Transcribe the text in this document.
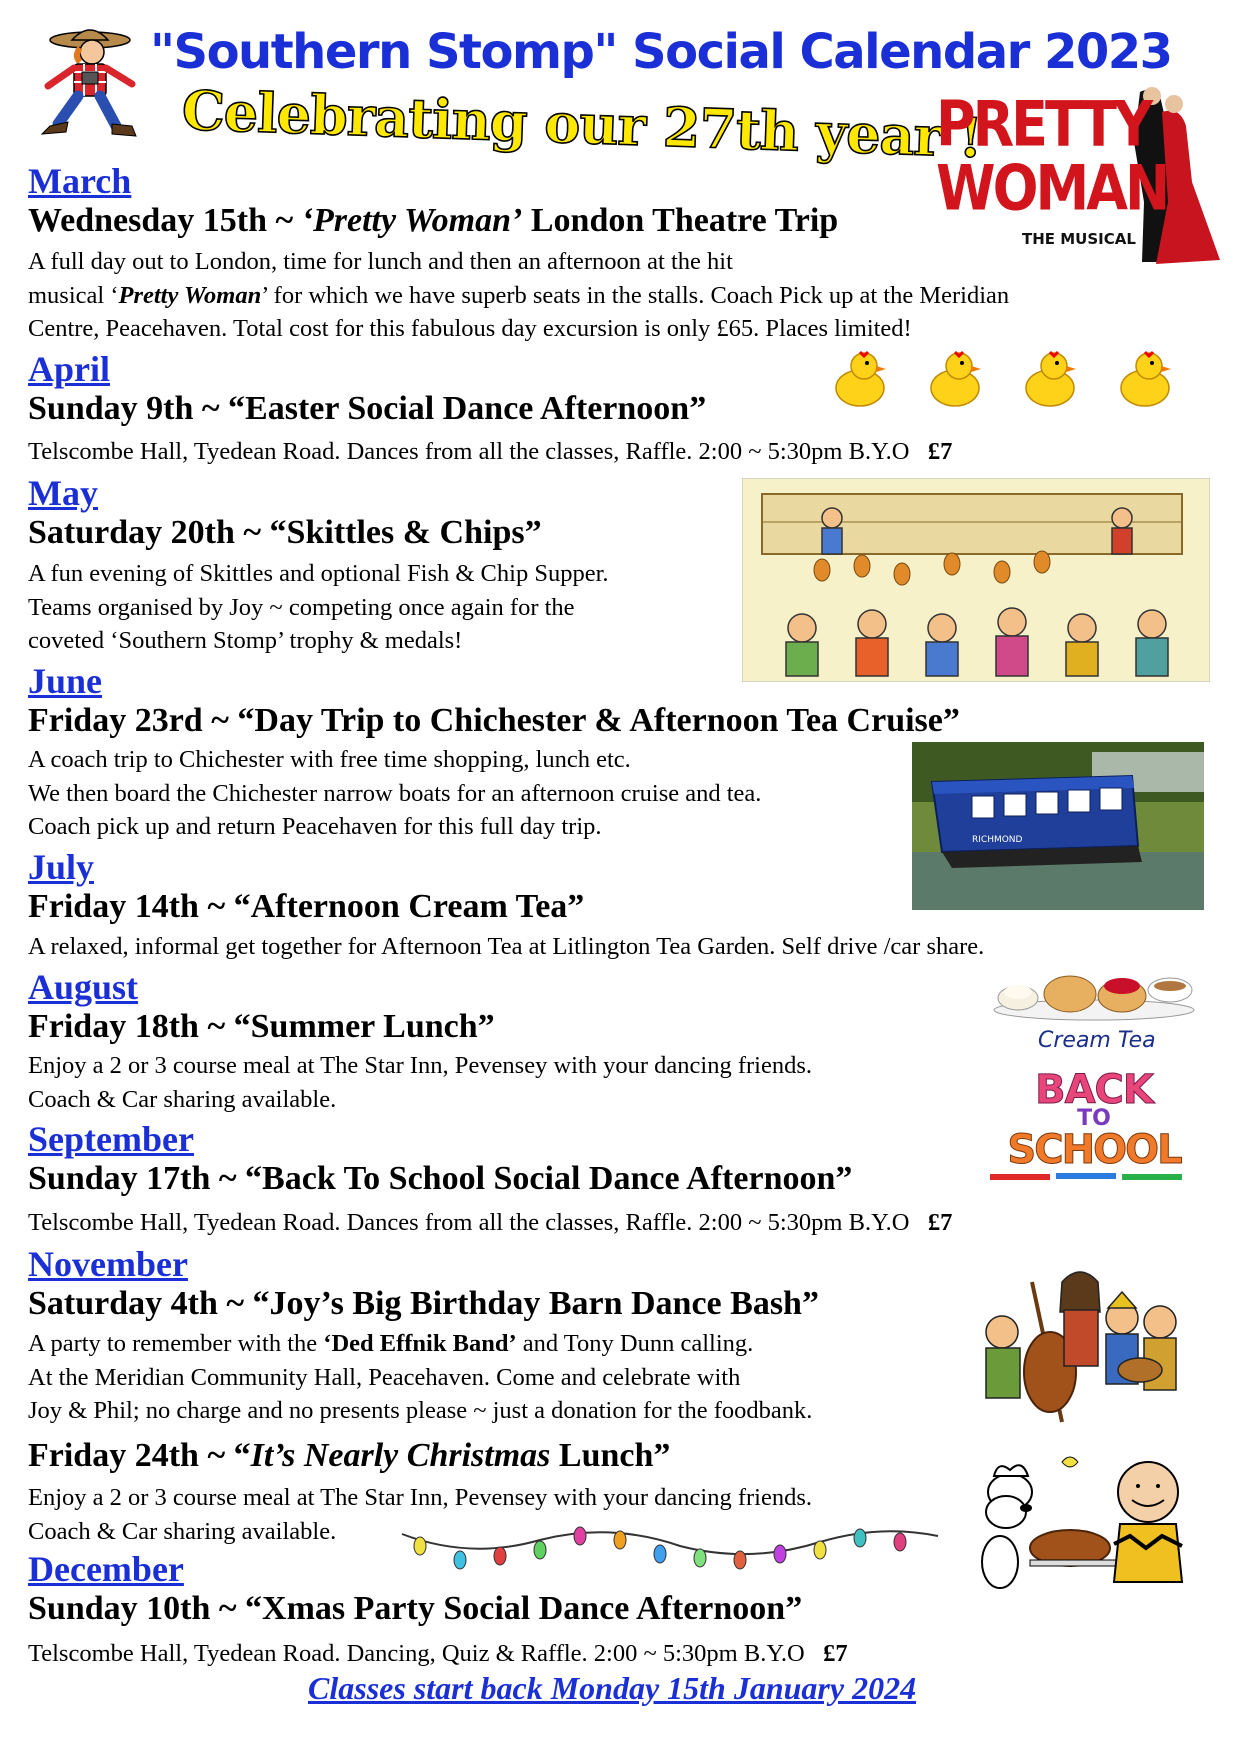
"Southern Stomp" Social Calendar 2023
Celebrating our 27th year !
PRETTY
WOMAN
THE MUSICAL
March
Wednesday 15th ~ ‘Pretty Woman’ London Theatre Trip
A full day out to London, time for lunch and then an afternoon at the hit
musical ‘Pretty Woman’ for which we have superb seats in the stalls. Coach Pick up at the Meridian
Centre, Peacehaven. Total cost for this fabulous day excursion is only £65. Places limited!
April
Sunday 9th ~ “Easter Social Dance Afternoon”
Telscombe Hall, Tyedean Road. Dances from all the classes, Raffle. 2:00 ~ 5:30pm B.Y.O £7
May
Saturday 20th ~ “Skittles & Chips”
A fun evening of Skittles and optional Fish & Chip Supper.
Teams organised by Joy ~ competing once again for the
coveted ‘Southern Stomp’ trophy & medals!
June
Friday 23rd ~ “Day Trip to Chichester & Afternoon Tea Cruise”
A coach trip to Chichester with free time shopping, lunch etc.
We then board the Chichester narrow boats for an afternoon cruise and tea.
Coach pick up and return Peacehaven for this full day trip.	RICHMOND
July
Friday 14th ~ “Afternoon Cream Tea”
A relaxed, informal get together for Afternoon Tea at Litlington Tea Garden. Self drive /car share.
Cream Tea
August
Friday 18th ~ “Summer Lunch”
Enjoy a 2 or 3 course meal at The Star Inn, Pevensey with your dancing friends.
Coach & Car sharing available.	BACK
TO
SCHOOL
September
Sunday 17th ~ “Back To School Social Dance Afternoon”
Telscombe Hall, Tyedean Road. Dances from all the classes, Raffle. 2:00 ~ 5:30pm B.Y.O £7
November
Saturday 4th ~ “Joy’s Big Birthday Barn Dance Bash”
A party to remember with the ‘Ded Effnik Band’ and Tony Dunn calling.
At the Meridian Community Hall, Peacehaven. Come and celebrate with
Joy & Phil; no charge and no presents please ~ just a donation for the foodbank.
Friday 24th ~ “It’s Nearly Christmas Lunch”
Enjoy a 2 or 3 course meal at The Star Inn, Pevensey with your dancing friends.
Coach & Car sharing available.
December
Sunday 10th ~ “Xmas Party Social Dance Afternoon”
Telscombe Hall, Tyedean Road. Dancing, Quiz & Raffle. 2:00 ~ 5:30pm B.Y.O £7
Classes start back Monday 15th January 2024
